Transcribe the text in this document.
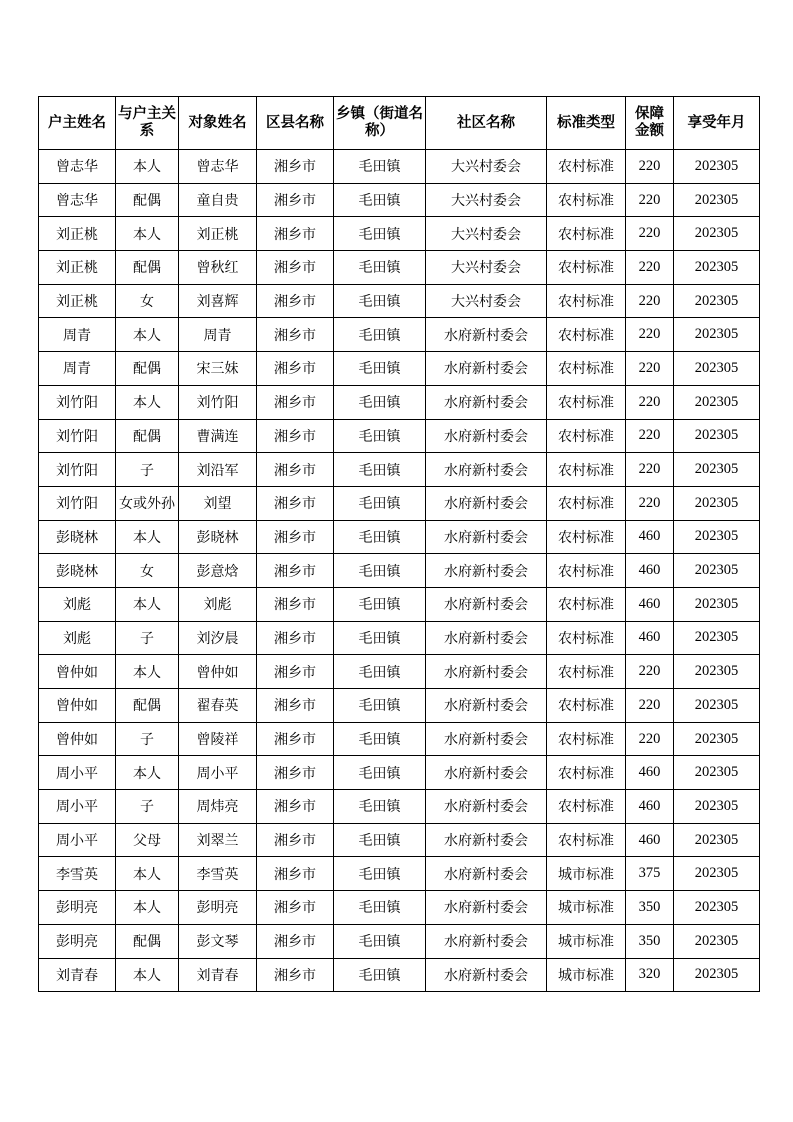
户主姓名	与户主关系	对象姓名	区县名称	乡镇（街道名称）	社区名称	标准类型	保障金额	享受年月

曾志华	本人	曾志华	湘乡市	毛田镇	大兴村委会	农村标准	220	202305
曾志华	配偶	童自贵	湘乡市	毛田镇	大兴村委会	农村标准	220	202305
刘正桃	本人	刘正桃	湘乡市	毛田镇	大兴村委会	农村标准	220	202305
刘正桃	配偶	曾秋红	湘乡市	毛田镇	大兴村委会	农村标准	220	202305
刘正桃	女	刘喜辉	湘乡市	毛田镇	大兴村委会	农村标准	220	202305
周青	本人	周青	湘乡市	毛田镇	水府新村委会	农村标准	220	202305
周青	配偶	宋三妹	湘乡市	毛田镇	水府新村委会	农村标准	220	202305
刘竹阳	本人	刘竹阳	湘乡市	毛田镇	水府新村委会	农村标准	220	202305
刘竹阳	配偶	曹满连	湘乡市	毛田镇	水府新村委会	农村标准	220	202305
刘竹阳	子	刘沿军	湘乡市	毛田镇	水府新村委会	农村标准	220	202305
刘竹阳	女或外孙	刘望	湘乡市	毛田镇	水府新村委会	农村标准	220	202305
彭晓林	本人	彭晓林	湘乡市	毛田镇	水府新村委会	农村标准	460	202305
彭晓林	女	彭意焓	湘乡市	毛田镇	水府新村委会	农村标准	460	202305
刘彪	本人	刘彪	湘乡市	毛田镇	水府新村委会	农村标准	460	202305
刘彪	子	刘汐晨	湘乡市	毛田镇	水府新村委会	农村标准	460	202305
曾仲如	本人	曾仲如	湘乡市	毛田镇	水府新村委会	农村标准	220	202305
曾仲如	配偶	翟春英	湘乡市	毛田镇	水府新村委会	农村标准	220	202305
曾仲如	子	曾陵祥	湘乡市	毛田镇	水府新村委会	农村标准	220	202305
周小平	本人	周小平	湘乡市	毛田镇	水府新村委会	农村标准	460	202305
周小平	子	周炜亮	湘乡市	毛田镇	水府新村委会	农村标准	460	202305
周小平	父母	刘翠兰	湘乡市	毛田镇	水府新村委会	农村标准	460	202305
李雪英	本人	李雪英	湘乡市	毛田镇	水府新村委会	城市标准	375	202305
彭明亮	本人	彭明亮	湘乡市	毛田镇	水府新村委会	城市标准	350	202305
彭明亮	配偶	彭文琴	湘乡市	毛田镇	水府新村委会	城市标准	350	202305
刘青春	本人	刘青春	湘乡市	毛田镇	水府新村委会	城市标准	320	202305
